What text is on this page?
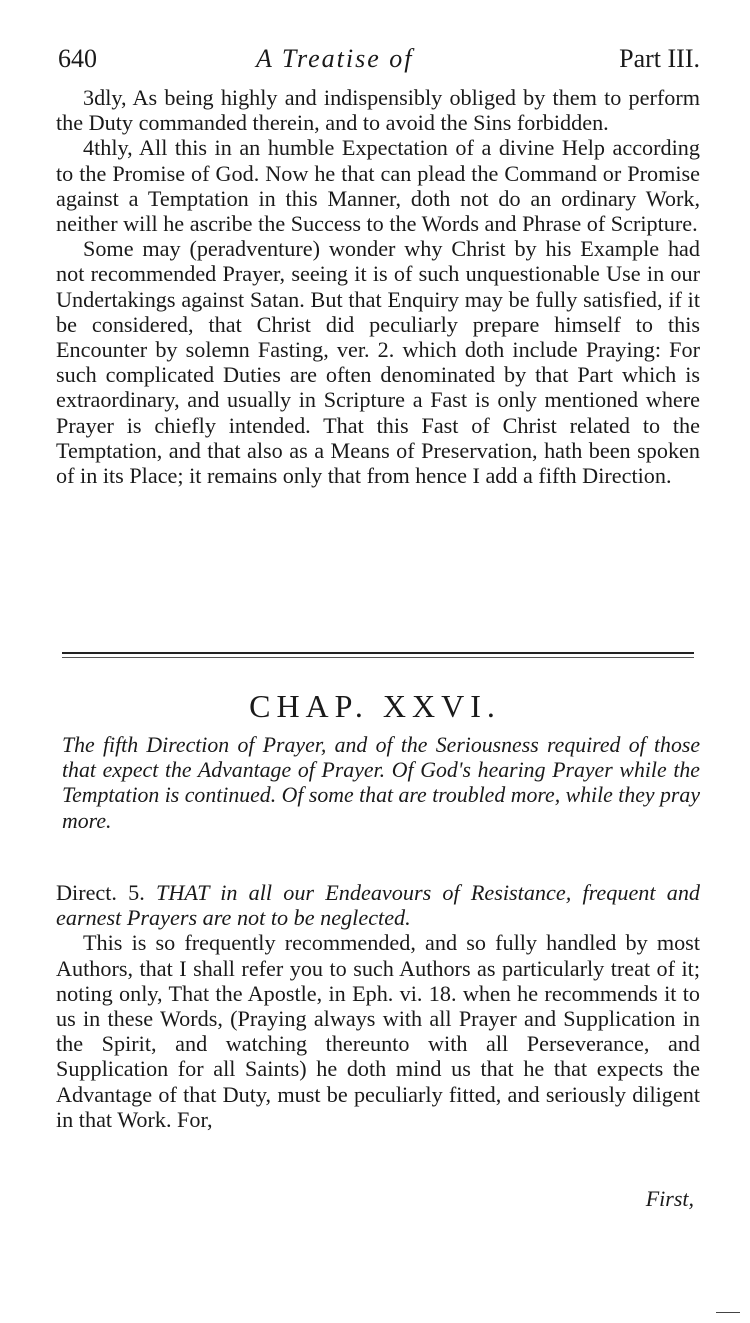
640	A Treatise of	Part III.

3dly, As being highly and indispensibly obliged by them to perform the Duty commanded therein, and to avoid the Sins forbidden.

4thly, All this in an humble Expectation of a divine Help according to the Promise of God. Now he that can plead the Command or Promise against a Temptation in this Manner, doth not do an ordinary Work, neither will he ascribe the Success to the Words and Phrase of Scripture.

Some may (peradventure) wonder why Christ by his Example had not recommended Prayer, seeing it is of such unquestionable Use in our Undertakings against Satan. But that Enquiry may be fully satisfied, if it be considered, that Christ did peculiarly prepare himself to this Encounter by solemn Fasting, ver. 2. which doth include Praying: For such complicated Duties are often denominated by that Part which is extraordinary, and usually in Scripture a Fast is only mentioned where Prayer is chiefly intended. That this Fast of Christ related to the Temptation, and that also as a Means of Preservation, hath been spoken of in its Place; it remains only that from hence I add a fifth Direction.

CHAP. XXVI.
The fifth Direction of Prayer, and of the Seriousness required of those that expect the Advantage of Prayer. Of God's hearing Prayer while the Temptation is continued. Of some that are troubled more, while they pray more.

Direct. 5. THAT in all our Endeavours of Resistance, frequent and earnest Prayers are not to be neglected.

This is so frequently recommended, and so fully handled by most Authors, that I shall refer you to such Authors as particularly treat of it; noting only, That the Apostle, in Eph. vi. 18. when he recommends it to us in these Words, (Praying always with all Prayer and Supplication in the Spirit, and watching thereunto with all Perseverance, and Supplication for all Saints) he doth mind us that he that expects the Advantage of that Duty, must be peculiarly fitted, and seriously diligent in that Work. For,

First,
